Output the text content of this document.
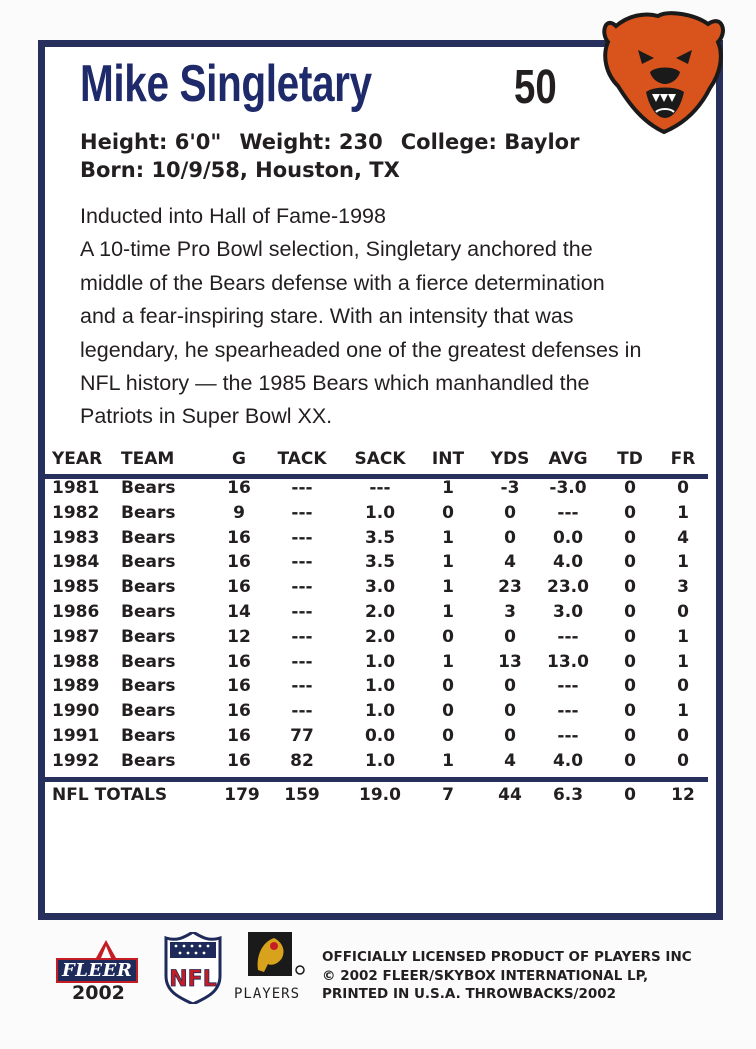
Mike Singletary	50
Height: 6'0" Weight: 230 College: Baylor
Born: 10/9/58, Houston, TX
Inducted into Hall of Fame-1998
A 10-time Pro Bowl selection, Singletary anchored the
middle of the Bears defense with a fierce determination
and a fear-inspiring stare. With an intensity that was
legendary, he spearheaded one of the greatest defenses in
NFL history — the 1985 Bears which manhandled the
Patriots in Super Bowl XX.
YEAR TEAM	G	TACK	SACK	INT	YDS	AVG	TD	FR
1981	Bears	16	---	---	1	-3	-3.0	0	0
1982	Bears	9	---	1.0	0	0	---	0	1
1983	Bears	16	---	3.5	1	0	0.0	0	4
1984	Bears	16	---	3.5	1	4	4.0	0	1
1985	Bears	16	---	3.0	1	23	23.0	0	3
1986	Bears	14	---	2.0	1	3	3.0	0	0
1987	Bears	12	---	2.0	0	0	---	0	1
1988	Bears	16	---	1.0	1	13	13.0	0	1
1989	Bears	16	---	1.0	0	0	---	0	0
1990	Bears	16	---	1.0	0	0	---	0	1
1991	Bears	16	77	0.0	0	0	---	0	0
1992	Bears	16	82	1.0	1	4	4.0	0	0
NFL TOTALS	179	159	19.0	7	44	6.3	0	12
FLEER
2002
NFL
PLAYERS
OFFICIALLY LICENSED PRODUCT OF PLAYERS INC
© 2002 FLEER/SKYBOX INTERNATIONAL LP,
PRINTED IN U.S.A. THROWBACKS/2002
